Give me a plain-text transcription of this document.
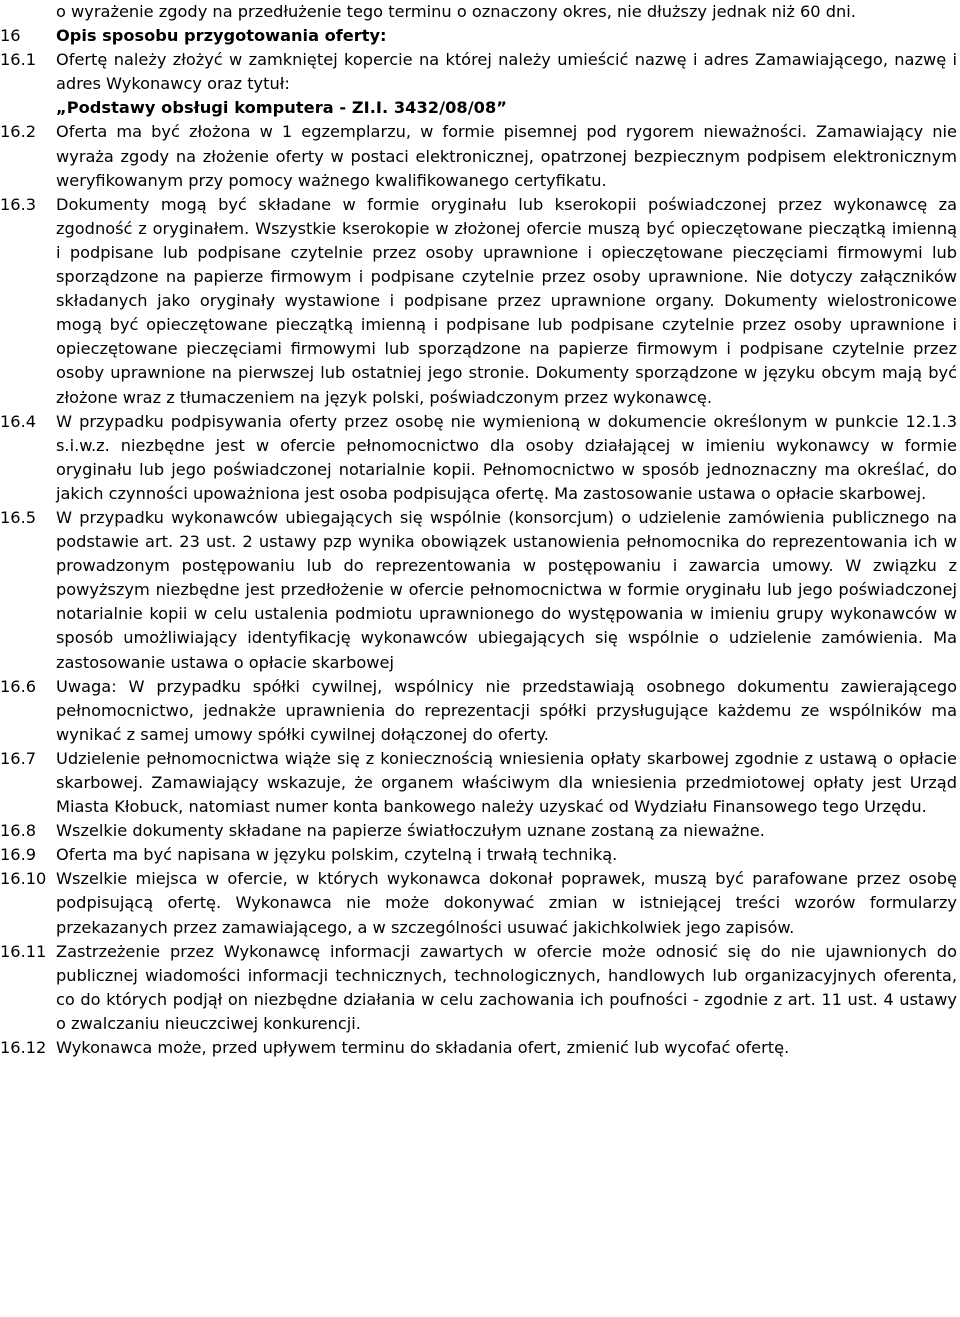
o wyrażenie zgody na przedłużenie tego terminu o oznaczony okres, nie dłuższy jednak niż 60 dni.
16	Opis sposobu przygotowania oferty:
16.1	Ofertę należy złożyć w zamkniętej kopercie na której należy umieścić nazwę i adres Zamawiającego, nazwę i adres Wykonawcy oraz tytuł:
„Podstawy obsługi komputera - ZI.I. 3432/08/08”
16.2	Oferta ma być złożona w 1 egzemplarzu, w formie pisemnej pod rygorem nieważności. Zamawiający nie wyraża zgody na złożenie oferty w postaci elektronicznej, opatrzonej bezpiecznym podpisem elektronicznym weryfikowanym przy pomocy ważnego kwalifikowanego certyfikatu.
16.3	Dokumenty mogą być składane w formie oryginału lub kserokopii poświadczonej przez wykonawcę za zgodność z oryginałem. Wszystkie kserokopie w złożonej ofercie muszą być opieczętowane pieczątką imienną i podpisane lub podpisane czytelnie przez osoby uprawnione i opieczętowane pieczęciami firmowymi lub sporządzone na papierze firmowym i podpisane czytelnie przez osoby uprawnione. Nie dotyczy załączników składanych jako oryginały wystawione i podpisane przez uprawnione organy. Dokumenty wielostronicowe mogą być opieczętowane pieczątką imienną i podpisane lub podpisane czytelnie przez osoby uprawnione i opieczętowane pieczęciami firmowymi lub sporządzone na papierze firmowym i podpisane czytelnie przez osoby uprawnione na pierwszej lub ostatniej jego stronie. Dokumenty sporządzone w języku obcym mają być złożone wraz z tłumaczeniem na język polski, poświadczonym przez wykonawcę.
16.4	W przypadku podpisywania oferty przez osobę nie wymienioną w dokumencie określonym w punkcie 12.1.3 s.i.w.z. niezbędne jest w ofercie pełnomocnictwo dla osoby działającej w imieniu wykonawcy w formie oryginału lub jego poświadczonej notarialnie kopii. Pełnomocnictwo w sposób jednoznaczny ma określać, do jakich czynności upoważniona jest osoba podpisująca ofertę. Ma zastosowanie ustawa o opłacie skarbowej.
16.5	W przypadku wykonawców ubiegających się wspólnie (konsorcjum) o udzielenie zamówienia publicznego na podstawie art. 23 ust. 2 ustawy pzp wynika obowiązek ustanowienia pełnomocnika do reprezentowania ich w prowadzonym postępowaniu lub do reprezentowania w postępowaniu i zawarcia umowy. W związku z powyższym niezbędne jest przedłożenie w ofercie pełnomocnictwa w formie oryginału lub jego poświadczonej notarialnie kopii w celu ustalenia podmiotu uprawnionego do występowania w imieniu grupy wykonawców w sposób umożliwiający identyfikację wykonawców ubiegających się wspólnie o udzielenie zamówienia. Ma zastosowanie ustawa o opłacie skarbowej
16.6	Uwaga: W przypadku spółki cywilnej, wspólnicy nie przedstawiają osobnego dokumentu zawierającego pełnomocnictwo, jednakże uprawnienia do reprezentacji spółki przysługujące każdemu ze wspólników ma wynikać z samej umowy spółki cywilnej dołączonej do oferty.
16.7	Udzielenie pełnomocnictwa wiąże się z koniecznością wniesienia opłaty skarbowej zgodnie z ustawą o opłacie skarbowej. Zamawiający wskazuje, że organem właściwym dla wniesienia przedmiotowej opłaty jest Urząd Miasta Kłobuck, natomiast numer konta bankowego należy uzyskać od Wydziału Finansowego tego Urzędu.
16.8	Wszelkie dokumenty składane na papierze światłoczułym uznane zostaną za nieważne.
16.9	Oferta ma być napisana w języku polskim, czytelną i trwałą techniką.
16.10 Wszelkie miejsca w ofercie, w których wykonawca dokonał poprawek, muszą być parafowane przez osobę podpisującą ofertę. Wykonawca nie może dokonywać zmian w istniejącej treści wzorów formularzy przekazanych przez zamawiającego, a w szczególności usuwać jakichkolwiek jego zapisów.
16.11 Zastrzeżenie przez Wykonawcę informacji zawartych w ofercie może odnosić się do nie ujawnionych do publicznej wiadomości informacji technicznych, technologicznych, handlowych lub organizacyjnych oferenta, co do których podjął on niezbędne działania w celu zachowania ich poufności - zgodnie z art. 11 ust. 4 ustawy o zwalczaniu nieuczciwej konkurencji.
16.12 Wykonawca może, przed upływem terminu do składania ofert, zmienić lub wycofać ofertę.
